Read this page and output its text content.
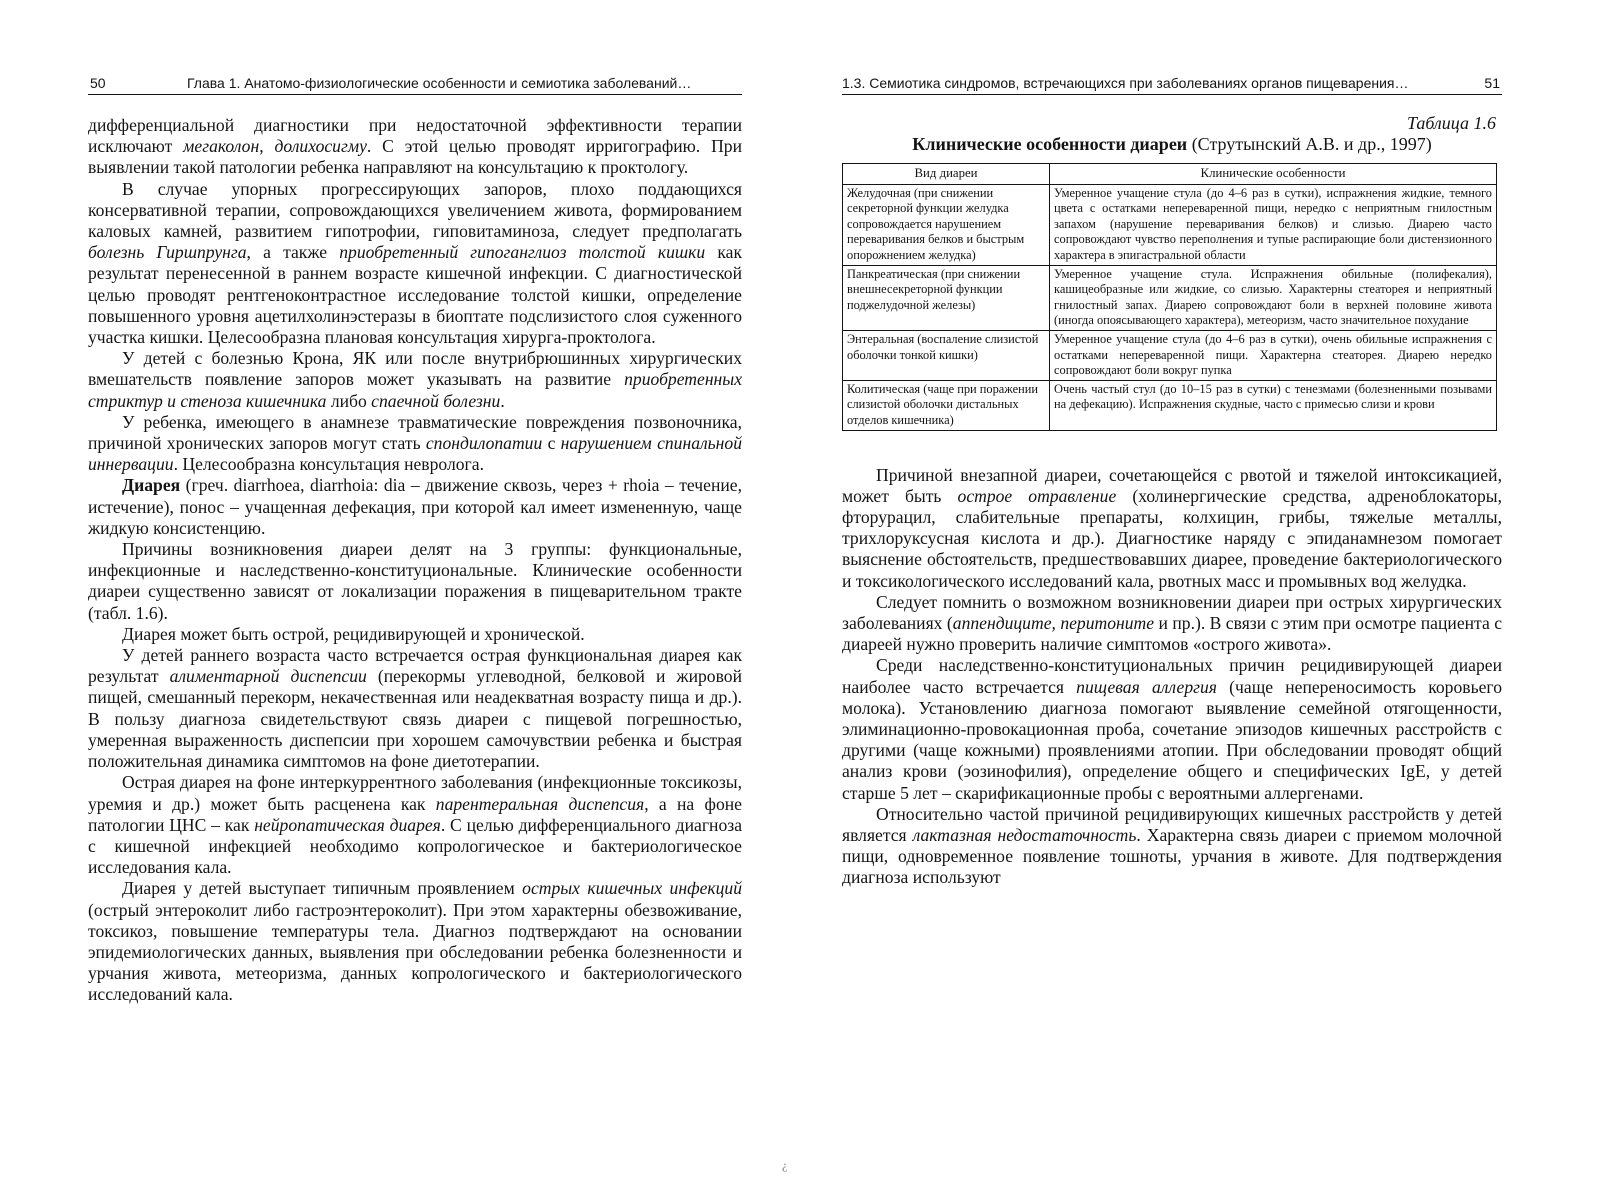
50	Глава 1. Анатомо-физиологические особенности и семиотика заболеваний…

дифференциальной диагностики при недостаточной эффективности терапии исключают мегаколон, долихосигму. С этой целью проводят ирригографию. При выявлении такой патологии ребенка направляют на консультацию к проктологу.

В случае упорных прогрессирующих запоров, плохо поддающихся консервативной терапии, сопровождающихся увеличением живота, формированием каловых камней, развитием гипотрофии, гиповитаминоза, следует предполагать болезнь Гиршпрунга, а также приобретенный гипоганглиоз толстой кишки как результат перенесенной в раннем возрасте кишечной инфекции. С диагностической целью проводят рентгеноконтрастное исследование толстой кишки, определение повышенного уровня ацетилхолинэстеразы в биоптате подслизистого слоя суженного участка кишки. Целесообразна плановая консультация хирурга-проктолога.

У детей с болезнью Крона, ЯК или после внутрибрюшинных хирургических вмешательств появление запоров может указывать на развитие приобретенных стриктур и стеноза кишечника либо спаечной болезни.

У ребенка, имеющего в анамнезе травматические повреждения позвоночника, причиной хронических запоров могут стать спондилопатии с нарушением спинальной иннервации. Целесообразна консультация невролога.

Диарея (греч. diarrhoea, diarrhoia: dia – движение сквозь, через + rhoia – течение, истечение), понос – учащенная дефекация, при которой кал имеет измененную, чаще жидкую консистенцию.

Причины возникновения диареи делят на 3 группы: функциональные, инфекционные и наследственно-конституциональные. Клинические особенности диареи существенно зависят от локализации поражения в пищеварительном тракте (табл. 1.6).

Диарея может быть острой, рецидивирующей и хронической.

У детей раннего возраста часто встречается острая функциональная диарея как результат алиментарной диспепсии (перекормы углеводной, белковой и жировой пищей, смешанный перекорм, некачественная или неадекватная возрасту пища и др.). В пользу диагноза свидетельствуют связь диареи с пищевой погрешностью, умеренная выраженность диспепсии при хорошем самочувствии ребенка и быстрая положительная динамика симптомов на фоне диетотерапии.

Острая диарея на фоне интеркуррентного заболевания (инфекционные токсикозы, уремия и др.) может быть расценена как парентеральная диспепсия, а на фоне патологии ЦНС – как нейропатическая диарея. С целью дифференциального диагноза с кишечной инфекцией необходимо копрологическое и бактериологическое исследования кала.

Диарея у детей выступает типичным проявлением острых кишечных инфекций (острый энтероколит либо гастроэнтероколит). При этом характерны обезвоживание, токсикоз, повышение температуры тела. Диагноз подтверждают на основании эпидемиологических данных, выявления при обследовании ребенка болезненности и урчания живота, метеоризма, данных копрологического и бактериологического исследований кала.

1.3. Семиотика синдромов, встречающихся при заболеваниях органов пищеварения…	51
Таблица 1.6
Клинические особенности диареи (Струтынский А.В. и др., 1997)
Вид диареи	Клинические особенности
Желудочная (при снижении секреторной функции желудка сопровождается нарушением переваривания белков и быстрым опорожнением желудка)	Умеренное учащение стула (до 4–6 раз в сутки), испражнения жидкие, темного цвета с остатками непереваренной пищи, нередко с неприятным гнилостным запахом (нарушение переваривания белков) и слизью. Диарею часто сопровождают чувство переполнения и тупые распирающие боли дистензионного характера в эпигастральной области
Панкреатическая (при снижении внешнесекреторной функции поджелудочной железы)	Умеренное учащение стула. Испражнения обильные (полифекалия), кашицеобразные или жидкие, со слизью. Характерны стеаторея и неприятный гнилостный запах. Диарею сопровождают боли в верхней половине живота (иногда опоясывающего характера), метеоризм, часто значительное похудание
Энтеральная (воспаление слизистой оболочки тонкой кишки)	Умеренное учащение стула (до 4–6 раз в сутки), очень обильные испражнения с остатками непереваренной пищи. Характерна стеаторея. Диарею нередко сопровождают боли вокруг пупка
Колитическая (чаще при поражении слизистой оболочки дистальных отделов кишечника)	Очень частый стул (до 10–15 раз в сутки) с тенезмами (болезненными позывами на дефекацию). Испражнения скудные, часто с примесью слизи и крови

Причиной внезапной диареи, сочетающейся с рвотой и тяжелой интоксикацией, может быть острое отравление (холинергические средства, адреноблокаторы, фторурацил, слабительные препараты, колхицин, грибы, тяжелые металлы, трихлоруксусная кислота и др.). Диагностике наряду с эпиданамнезом помогает выяснение обстоятельств, предшествовавших диарее, проведение бактериологического и токсикологического исследований кала, рвотных масс и промывных вод желудка.

Следует помнить о возможном возникновении диареи при острых хирургических заболеваниях (аппендиците, перитоните и пр.). В связи с этим при осмотре пациента с диареей нужно проверить наличие симптомов «острого живота».

Среди наследственно-конституциональных причин рецидивирующей диареи наиболее часто встречается пищевая аллергия (чаще непереносимость коровьего молока). Установлению диагноза помогают выявление семейной отягощенности, элиминационно-провокационная проба, сочетание эпизодов кишечных расстройств с другими (чаще кожными) проявлениями атопии. При обследовании проводят общий анализ крови (эозинофилия), определение общего и специфических IgE, у детей старше 5 лет – скарификационные пробы с вероятными аллергенами.

Относительно частой причиной рецидивирующих кишечных расстройств у детей является лактазная недостаточность. Характерна связь диареи с приемом молочной пищи, одновременное появление тошноты, урчания в животе. Для подтверждения диагноза используют

¿
